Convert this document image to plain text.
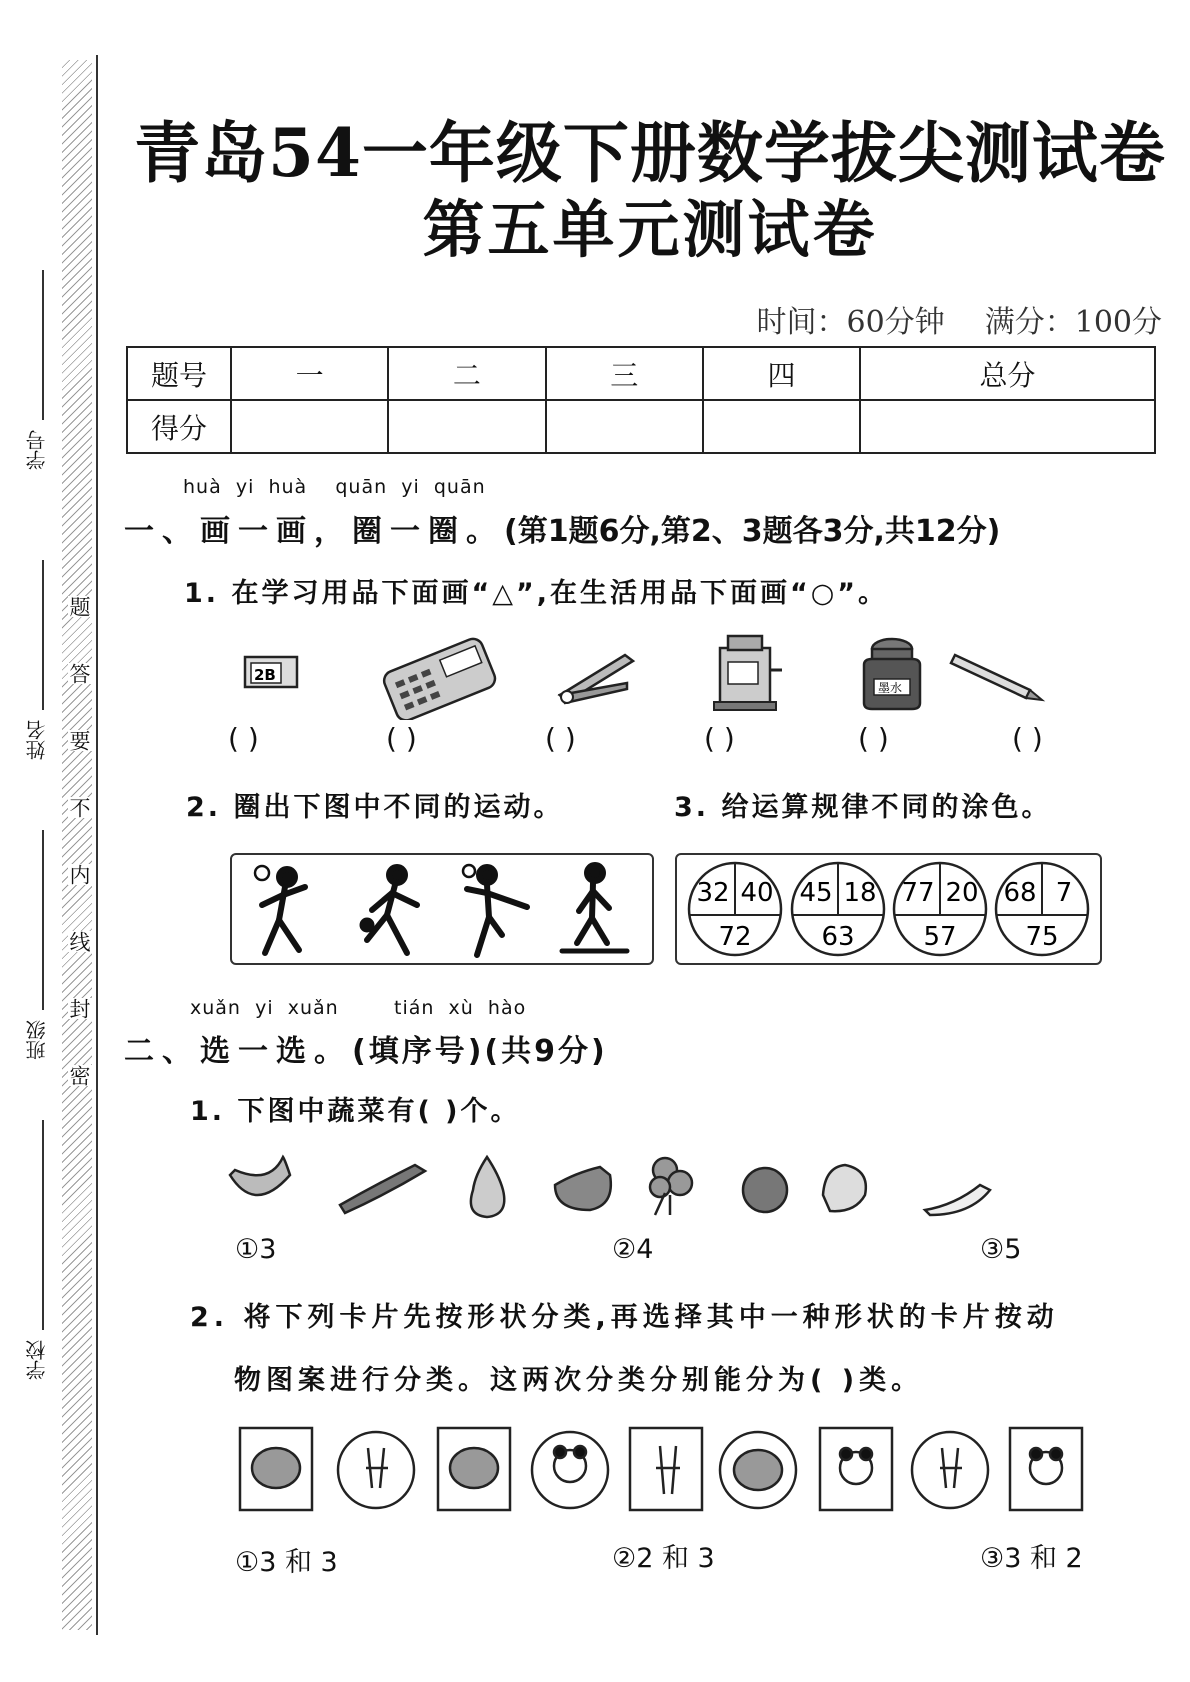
学号
姓名
班级
学校
密
封
线
内
不
要
答
题
青岛54一年级下册数学拔尖测试卷
第五单元测试卷
时间：60分钟 满分：100分
题号	一	二	三	四	总分
得分					
huà yi huà quān yi quān
一、画一画，圈一圈。(第1题6分,第2、3题各3分,共12分)
1. 在学习用品下面画“△”,在生活用品下面画“○”。
2B
墨水
( )	( )	( )	( )	( )	( )
2. 圈出下图中不同的运动。	3. 给运算规律不同的涂色。
32 40
72
45 18
63
77 20
57
68 7
75
xuǎn yi xuǎn	tián xù hào
二、选一选。(填序号)(共9分)
1. 下图中蔬菜有( )个。
①3	②4	③5
2. 将下列卡片先按形状分类,再选择其中一种形状的卡片按动
物图案进行分类。这两次分类分别能分为( )类。
①3 和 3	②2 和 3	③3 和 2
